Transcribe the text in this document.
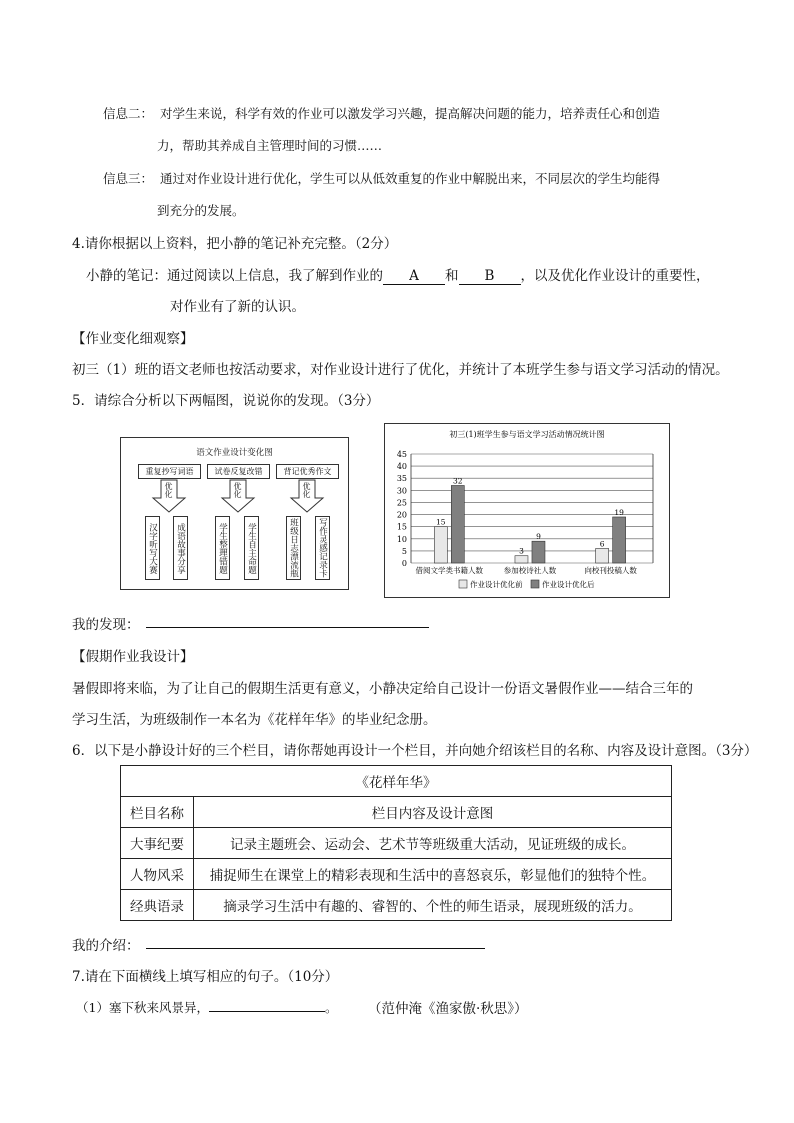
信息二： 对学生来说，科学有效的作业可以激发学习兴趣，提高解决问题的能力，培养责任心和创造
力，帮助其养成自主管理时间的习惯……
信息三： 通过对作业设计进行优化，学生可以从低效重复的作业中解脱出来，不同层次的学生均能得
到充分的发展。
4.请你根据以上资料，把小静的笔记补充完整。（2分）
小静的笔记：通过阅读以上信息，我了解到作业的 A 和 B ，以及优化作业设计的重要性，
对作业有了新的认识。
【作业变化细观察】
初三（1）班的语文老师也按活动要求，对作业设计进行了优化，并统计了本班学生参与语文学习活动的情况。
5．请综合分析以下两幅图，说说你的发现。（3分）
语文作业设计变化图
重复抄写词语	试卷反复改错	背记优秀作文
优化	优化	优化
汉字听写大赛 成语故事分享	学生整理错题 学生自主命题	班级日志漂流瓶 写作灵感记录卡
初三(1)班学生参与语文学习活动情况统计图
0
5
10
15
20
25
30
35
40
45
15
32
借阅文学类书籍人数
3
9
参加校诗社人数
6
19
向校刊投稿人数
作业设计优化前	作业设计优化后
我的发现：
【假期作业我设计】
暑假即将来临，为了让自己的假期生活更有意义，小静决定给自己设计一份语文暑假作业——结合三年的
学习生活，为班级制作一本名为《花样年华》的毕业纪念册。
6．以下是小静设计好的三个栏目，请你帮她再设计一个栏目，并向她介绍该栏目的名称、内容及设计意图。（3分）
《花样年华》	
栏目名称	栏目内容及设计意图
大事纪要	记录主题班会、运动会、艺术节等班级重大活动，见证班级的成长。
人物风采	捕捉师生在课堂上的精彩表现和生活中的喜怒哀乐，彰显他们的独特个性。
经典语录	摘录学习生活中有趣的、睿智的、个性的师生语录，展现班级的活力。
我的介绍：
7.请在下面横线上填写相应的句子。（10分）
（1）塞下秋来风景异，	。 （范仲淹《渔家傲·秋思》）
